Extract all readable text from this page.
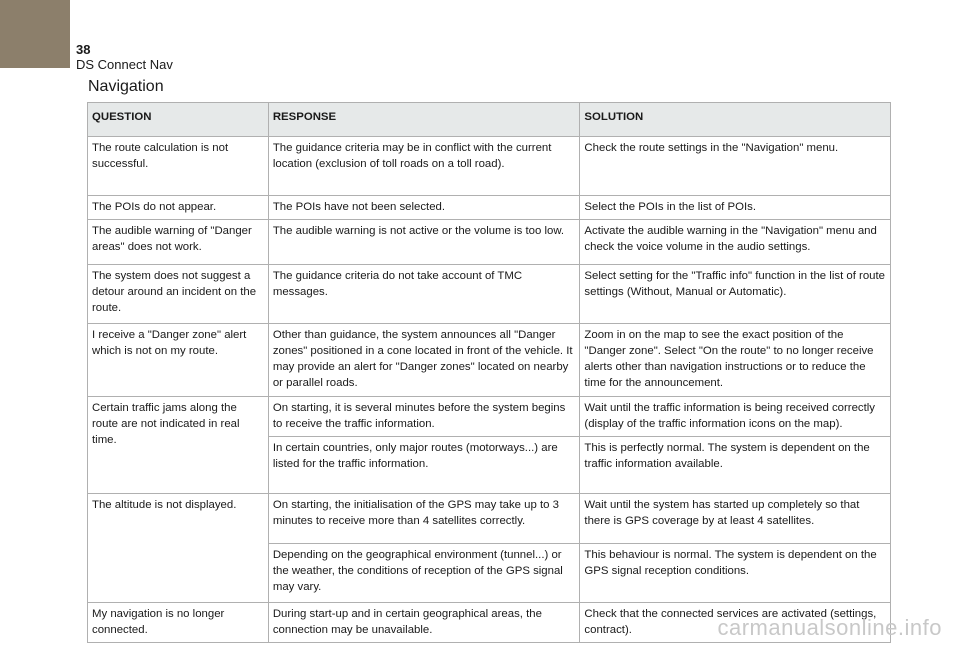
38
DS Connect Nav
Navigation
QUESTION	RESPONSE	SOLUTION
The route calculation is not successful.	The guidance criteria may be in conflict with the current location (exclusion of toll roads on a toll road).	Check the route settings in the "Navigation" menu.
The POIs do not appear.	The POIs have not been selected.	Select the POIs in the list of POIs.
The audible warning of "Danger areas" does not work.	The audible warning is not active or the volume is too low.	Activate the audible warning in the "Navigation" menu and check the voice volume in the audio settings.
The system does not suggest a detour around an incident on the route.	The guidance criteria do not take account of TMC messages.	Select setting for the "Traffic info" function in the list of route settings (Without, Manual or Automatic).
I receive a "Danger zone" alert which is not on my route.	Other than guidance, the system announces all "Danger zones" positioned in a cone located in front of the vehicle. It may provide an alert for "Danger zones" located on nearby or parallel roads.	Zoom in on the map to see the exact position of the "Danger zone". Select "On the route" to no longer receive alerts other than navigation instructions or to reduce the time for the announcement.
Certain traffic jams along the route are not indicated in real time.	On starting, it is several minutes before the system begins to receive the traffic information.	Wait until the traffic information is being received correctly (display of the traffic information icons on the map).
	In certain countries, only major routes (motorways...) are listed for the traffic information.	This is perfectly normal. The system is dependent on the traffic information available.
The altitude is not displayed.	On starting, the initialisation of the GPS may take up to 3 minutes to receive more than 4 satellites correctly.	Wait until the system has started up completely so that there is GPS coverage by at least 4 satellites.
	Depending on the geographical environment (tunnel...) or the weather, the conditions of reception of the GPS signal may vary.	This behaviour is normal. The system is dependent on the GPS signal reception conditions.
My navigation is no longer connected.	During start-up and in certain geographical areas, the connection may be unavailable.	Check that the connected services are activated (settings, contract).	carmanualsonline.info
